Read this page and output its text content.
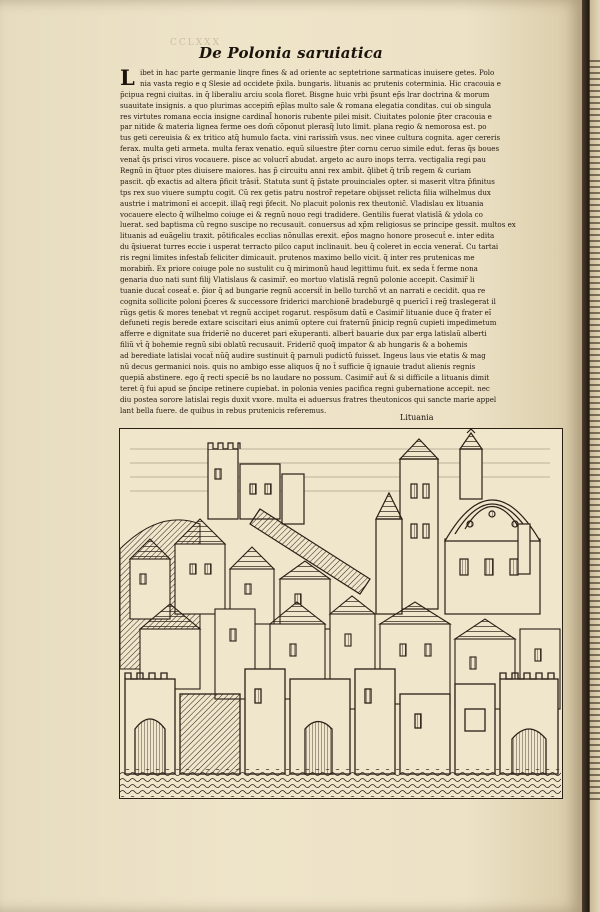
CCLXXX
De Polonia saruiatica
ibet in hac parte germanie linqre fines & ad oriente ac septetrione sarmaticas inuisere getes. Polo
nia vasta regio e q Slesie ad occidete p̃xila. bungaris. lituanis ac prutenis coterminia. Hic cracouia e
p̃cipua regni ciuitas. in q̃ liberaliu arciu scola floret. Bisgne huic vrbi p̃sunt ep̃s lrar doctrina & morum
suauitate insignis. a quo plurimas accepim̃ ep̃las multo sale & romana elegatia conditas. cui ob singula
res virtutes romana eccia insigne cardinal̃ honoris rubente pilei misit. Ciuitates polonie p̃ter cracouia e
par nitide & materia lignea ferme oes dom̃ cõponut plerasq̃ luto limit. plana regio & nemorosa est. po
tus geti cereuisia & ex tritico atq̃ humulo facta. vini rarissim̃ vsus. nec vinee cultura cognita. ager cereris
ferax. multa geti armeta. multa ferax venatio. equũ siluestre p̃ter cornu ceruo simile edut. feras q̃s boues
venat̃ q̃s prisci viros vocauere. pisce ac volucrĩ abudat. argeto ac auro inops terra. vectigalia regi pau
Regnũ in q̃tuor ptes diuisere maiores. has p̃ circuitu anni rex ambit. q̃libet q̃ trib̃ regem & curiam
pascit. qb̃ exactis ad altera p̃ficit trãsit̃. Statuta sunt q̃ p̃state prouinciales opter. si maserit vltra p̃finitus
tps rex suo viuere sumptu cogit. Cũ rex getis patru nostror̃ repetare obijsset relicta filia wilhelmus dux
austrie i matrimonĩ ei accepit. illaq̃ regi p̃fecit. No placuit polonis rex theutonic̃. Vladislau ex lituania
vocauere electo q̃ wilhelmo coiuge ei & regnũ nouo regi tradidere. Gentilis fuerat vlatislã & ydola co
luerat. sed baptisma cũ regno suscipe no recusauit. conuersus ad xp̃m religiosus se principe gessit. multos ex
lituanis ad euãgeliu traxit. põtificales ecclias nõnullas erexit. ep̃os magno honore prosecut̃ e. inter edita
du q̃siuerat turres eccie i usperat terracto pilco caput inclinauit. beu q̃ coleret in eccia venerat̃. Cu tartai
ris regni limites infestab̃ feliciter dimicauit. prutenos maximo bello vicit. q̃ inter res prutenicas me
morabim̃. Ex priore coiuge pole no sustulit cu q̃ mirimonũ haud legittimu fuit. ex seda t̃ ferme nona
genaria duo nati sunt filij Vlatislaus & casimir̃. eo mortuo vlatislã regnũ polonie accepit. Casimir̃ li
tuanie ducat̃ coseat̃ e. p̃ior q̃ ad bungarie regnũ accersit̃ in bello turchõ vt an narrati e cecidit. qua re
cognita sollicite poloni p̃ceres & successore friderici marchionẽ bradeburgẽ q puericĩ i reg̃ traslegerat il
rũgs getis & mores tenebat vt regnũ accipet rogarut. respõsum datũ e Casimir̃ lituanie duce q̃ frater eĩ
defuneti regis berede extare sciscitari eius animũ optere cui fraternũ p̃nicip regnũ cupieti impedimetum
afferre e dignitate sua frideriẽ no duceret pari ex̃uperanti. albert̃ bauarie dux par erga latislaũ alberti
filiũ vt̃ q̃ bohemie regnũ sibi oblatũ recusauit. Frideric̃ quoq̃ impator & ab hungaris & a bohemis
ad berediate latislai vocat̃ nũq̃ audire sustinuit q̃ parnuli pudictũ fuisset. Ingeus laus vie etatis & mag
nũ decus germanici nois. quis no ambigo esse aliquos q̃ no t̃ sufficie q̃ ignauie tradut alienis regnis
quepiã abstinere. ego q̃ recti speciẽ bs no laudare no possum. Casimir̃ aut̃ & si difficile a lituanis dimit
teret q̃ fui apud se p̃ncipe retinere cupiebat. in polonia venies pacifica regni gubernatione accepit. nec
diu postea sorore latislai regis duxit vxore. multa ei aduersus fratres theutonicos qui sancte marie appel
lant bella fuere. de quibus in rebus prutenicis referemus.
L
Lituania
